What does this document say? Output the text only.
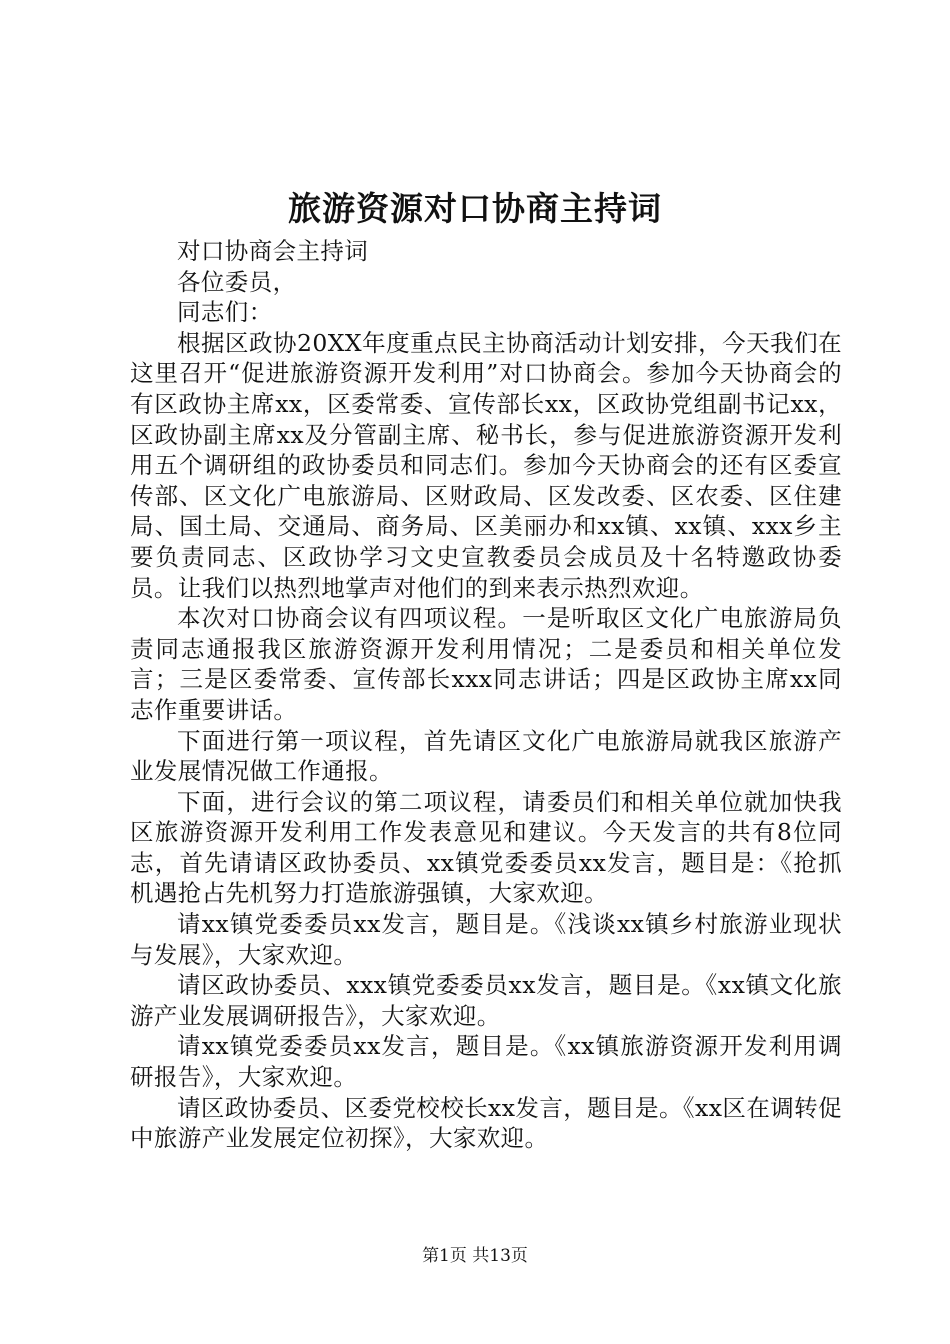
旅游资源对口协商主持词

对口协商会主持词

各位委员，

同志们：

根据区政协20XX年度重点民主协商活动计划安排，今天我们在这里召开“促进旅游资源开发利用”对口协商会。参加今天协商会的有区政协主席xx，区委常委、宣传部长xx，区政协党组副书记xx，区政协副主席xx及分管副主席、秘书长，参与促进旅游资源开发利用五个调研组的政协委员和同志们。参加今天协商会的还有区委宣传部、区文化广电旅游局、区财政局、区发改委、区农委、区住建局、国土局、交通局、商务局、区美丽办和xx镇、xx镇、xxx乡主要负责同志、区政协学习文史宣教委员会成员及十名特邀政协委员。让我们以热烈地掌声对他们的到来表示热烈欢迎。

本次对口协商会议有四项议程。一是听取区文化广电旅游局负责同志通报我区旅游资源开发利用情况；二是委员和相关单位发言；三是区委常委、宣传部长xxx同志讲话；四是区政协主席xx同志作重要讲话。

下面进行第一项议程，首先请区文化广电旅游局就我区旅游产业发展情况做工作通报。

下面，进行会议的第二项议程，请委员们和相关单位就加快我区旅游资源开发利用工作发表意见和建议。今天发言的共有8位同志，首先请请区政协委员、xx镇党委委员xx发言，题目是：《抢抓机遇抢占先机努力打造旅游强镇，大家欢迎。

请xx镇党委委员xx发言，题目是。《浅谈xx镇乡村旅游业现状与发展》，大家欢迎。

请区政协委员、xxx镇党委委员xx发言，题目是。《xx镇文化旅游产业发展调研报告》，大家欢迎。

请xx镇党委委员xx发言，题目是。《xx镇旅游资源开发利用调研报告》，大家欢迎。

请区政协委员、区委党校校长xx发言，题目是。《xx区在调转促中旅游产业发展定位初探》，大家欢迎。

第1页 共13页
